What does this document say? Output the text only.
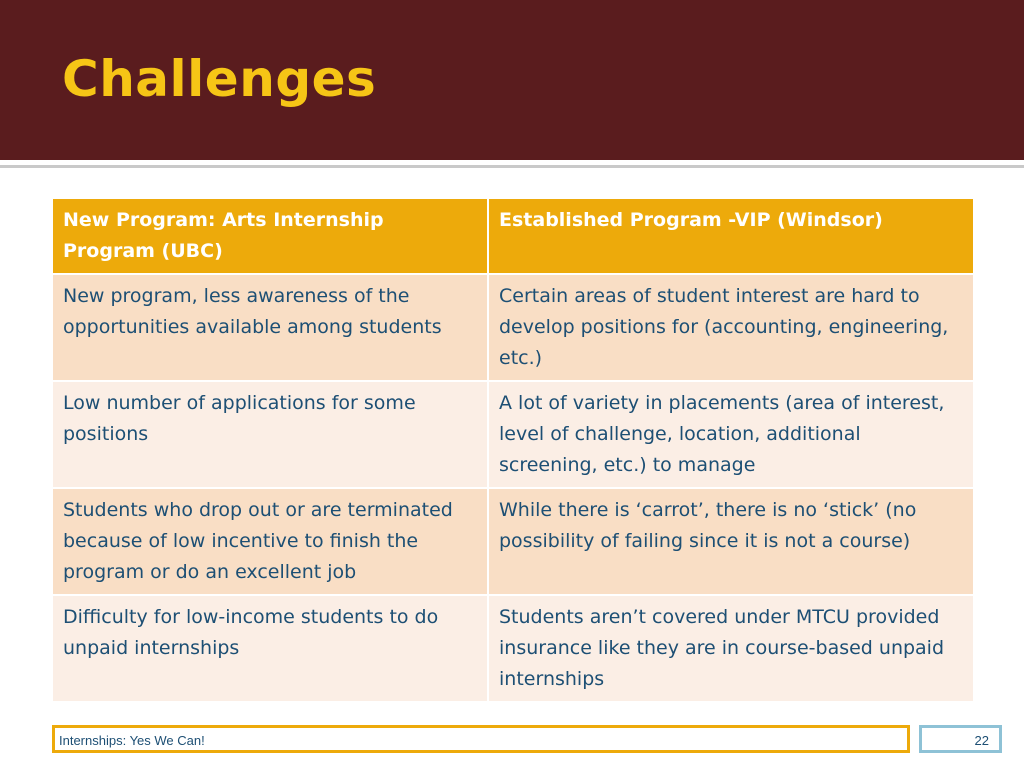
Challenges
New Program: Arts Internship Program (UBC)	Established Program -VIP (Windsor)
New program, less awareness of the opportunities available among students	Certain areas of student interest are hard to develop positions for (accounting, engineering, etc.)
Low number of applications for some positions	A lot of variety in placements (area of interest, level of challenge, location, additional screening, etc.) to manage
Students who drop out or are terminated because of low incentive to finish the program or do an excellent job	While there is ‘carrot’, there is no ‘stick’ (no possibility of failing since it is not a course)
Difficulty for low-income students to do unpaid internships	Students aren’t covered under MTCU provided insurance like they are in course-based unpaid internships
Internships: Yes We Can!	22
